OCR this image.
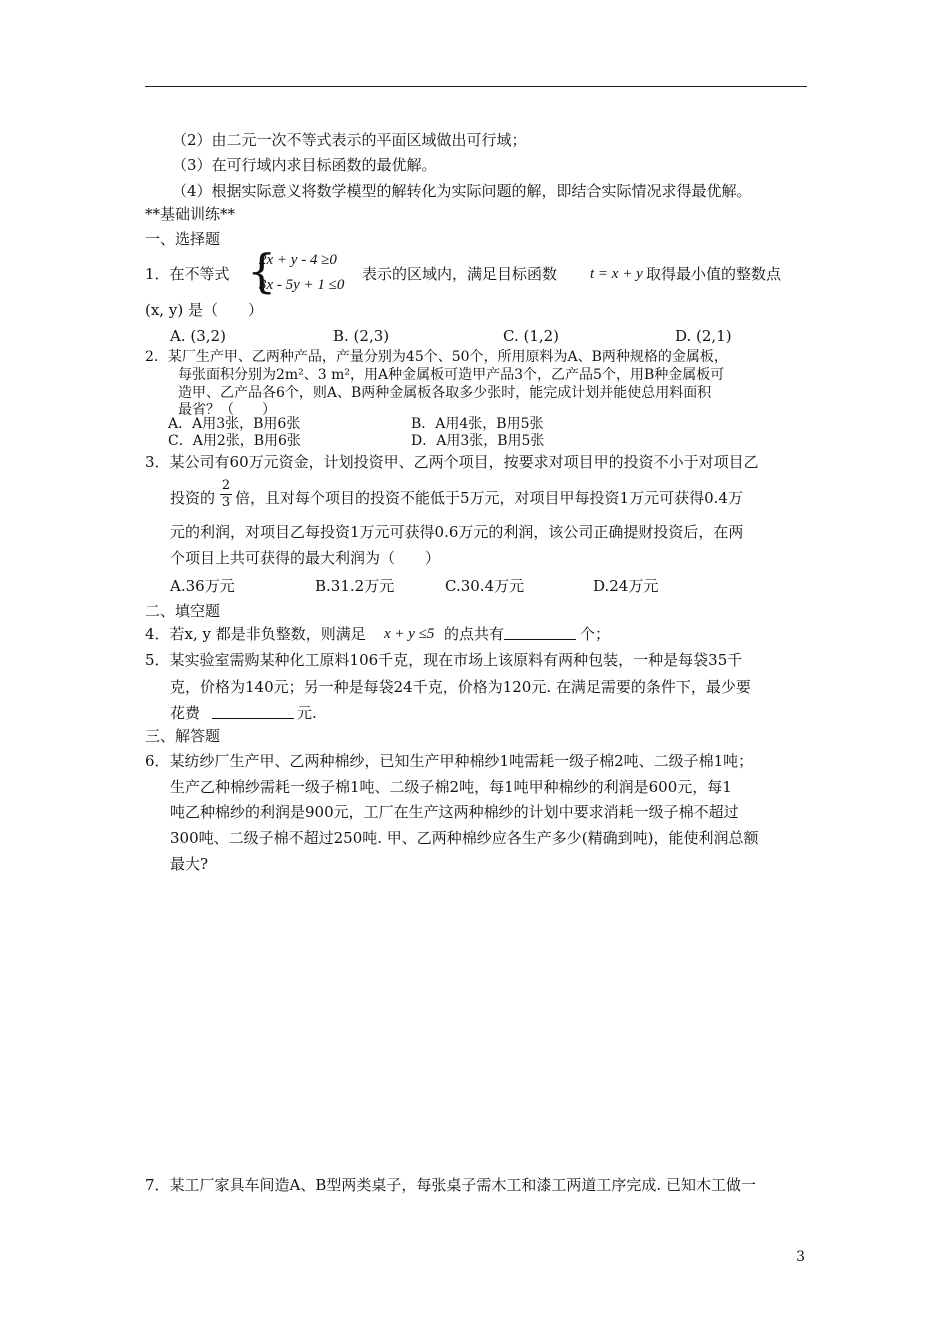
（2）由二元一次不等式表示的平面区域做出可行域；
（3）在可行域内求目标函数的最优解。
（4）根据实际意义将数学模型的解转化为实际问题的解，即结合实际情况求得最优解。
**基础训练**
一、选择题
1．在不等式 {
2x + y - 4 ≥0
3x - 5y + 1 ≤0
表示的区域内，满足目标函数 t = x + y 取得最小值的整数点
(x, y) 是（　　）
A. (3,2)	B. (2,3)	C. (1,2)	D. (2,1)
2．某厂生产甲、乙两种产品，产量分别为45个、50个，所用原料为A、B两种规格的金属板，
每张面积分别为2m²、3 m²，用A种金属板可造甲产品3个，乙产品5个，用B种金属板可
造甲、乙产品各6个，则A、B两种金属板各取多少张时，能完成计划并能使总用料面积
最省？（　　）
A．A用3张，B用6张	B．A用4张，B用5张
C．A用2张，B用6张	D．A用3张，B用5张
3．某公司有60万元资金，计划投资甲、乙两个项目，按要求对项目甲的投资不小于对项目乙
投资的
2
3 倍，且对每个项目的投资不能低于5万元，对项目甲每投资1万元可获得0.4万
元的利润，对项目乙每投资1万元可获得0.6万元的利润，该公司正确提财投资后，在两
个项目上共可获得的最大利润为（　　）
A.36万元	B.31.2万元	C.30.4万元	D.24万元
二、填空题
4．若x, y 都是非负整数，则满足 x + y ≤5 的点共有	个；
5．某实验室需购某种化工原料106千克，现在市场上该原料有两种包装，一种是每袋35千
克，价格为140元；另一种是每袋24千克，价格为120元. 在满足需要的条件下，最少要
花费	元.
三、解答题
6．某纺纱厂生产甲、乙两种棉纱，已知生产甲种棉纱1吨需耗一级子棉2吨、二级子棉1吨；
生产乙种棉纱需耗一级子棉1吨、二级子棉2吨，每1吨甲种棉纱的利润是600元，每1
吨乙种棉纱的利润是900元，工厂在生产这两种棉纱的计划中要求消耗一级子棉不超过
300吨、二级子棉不超过250吨. 甲、乙两种棉纱应各生产多少(精确到吨)，能使利润总额
最大?
7．某工厂家具车间造A、B型两类桌子，每张桌子需木工和漆工两道工序完成. 已知木工做一
3
